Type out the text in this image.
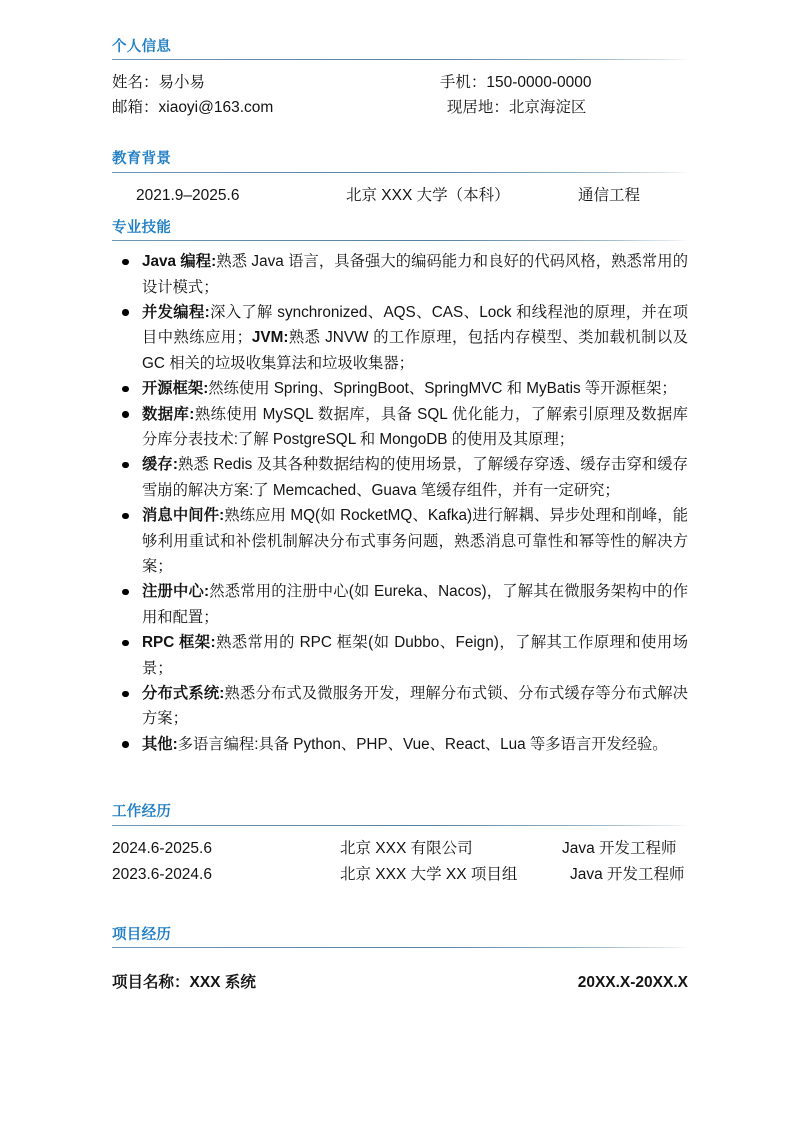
个人信息
姓名：易小易	手机：150-0000-0000
邮箱：xiaoyi@163.com	现居地：北京海淀区
教育背景
2021.9–2025.6	北京 XXX 大学（本科）	通信工程
专业技能
Java 编程:熟悉 Java 语言，具备强大的编码能力和良好的代码风格，熟悉常用的设计模式；
并发编程:深入了解 synchronized、AQS、CAS、Lock 和线程池的原理，并在项目中熟练应用；JVM:熟悉 JNVW 的工作原理，包括内存模型、类加载机制以及 GC 相关的垃圾收集算法和垃圾收集器；
开源框架:然练使用 Spring、SpringBoot、SpringMVC 和 MyBatis 等开源框架；
数据库:熟练使用 MySQL 数据库，具备 SQL 优化能力，了解索引原理及数据库分库分表技术:了解 PostgreSQL 和 MongoDB 的使用及其原理；
缓存:熟悉 Redis 及其各种数据结构的使用场景，了解缓存穿透、缓存击穿和缓存雪崩的解决方案:了 Memcached、Guava 笔缓存组件，并有一定研究；
消息中间件:熟练应用 MQ(如 RocketMQ、Kafka)进行解耦、异步处理和削峰，能够利用重试和补偿机制解决分布式事务问题，熟悉消息可靠性和幂等性的解决方案；
注册中心:然悉常用的注册中心(如 Eureka、Nacos)，了解其在微服务架构中的作用和配置；
RPC 框架:熟悉常用的 RPC 框架(如 Dubbo、Feign)，了解其工作原理和使用场景；
分布式系统:熟悉分布式及微服务开发，理解分布式锁、分布式缓存等分布式解决方案；
其他:多语言编程:具备 Python、PHP、Vue、React、Lua 等多语言开发经验。
工作经历
2024.6-2025.6	北京 XXX 有限公司	Java 开发工程师
2023.6-2024.6	北京 XXX 大学 XX 项目组	Java 开发工程师
项目经历
项目名称：XXX 系统	20XX.X-20XX.X
